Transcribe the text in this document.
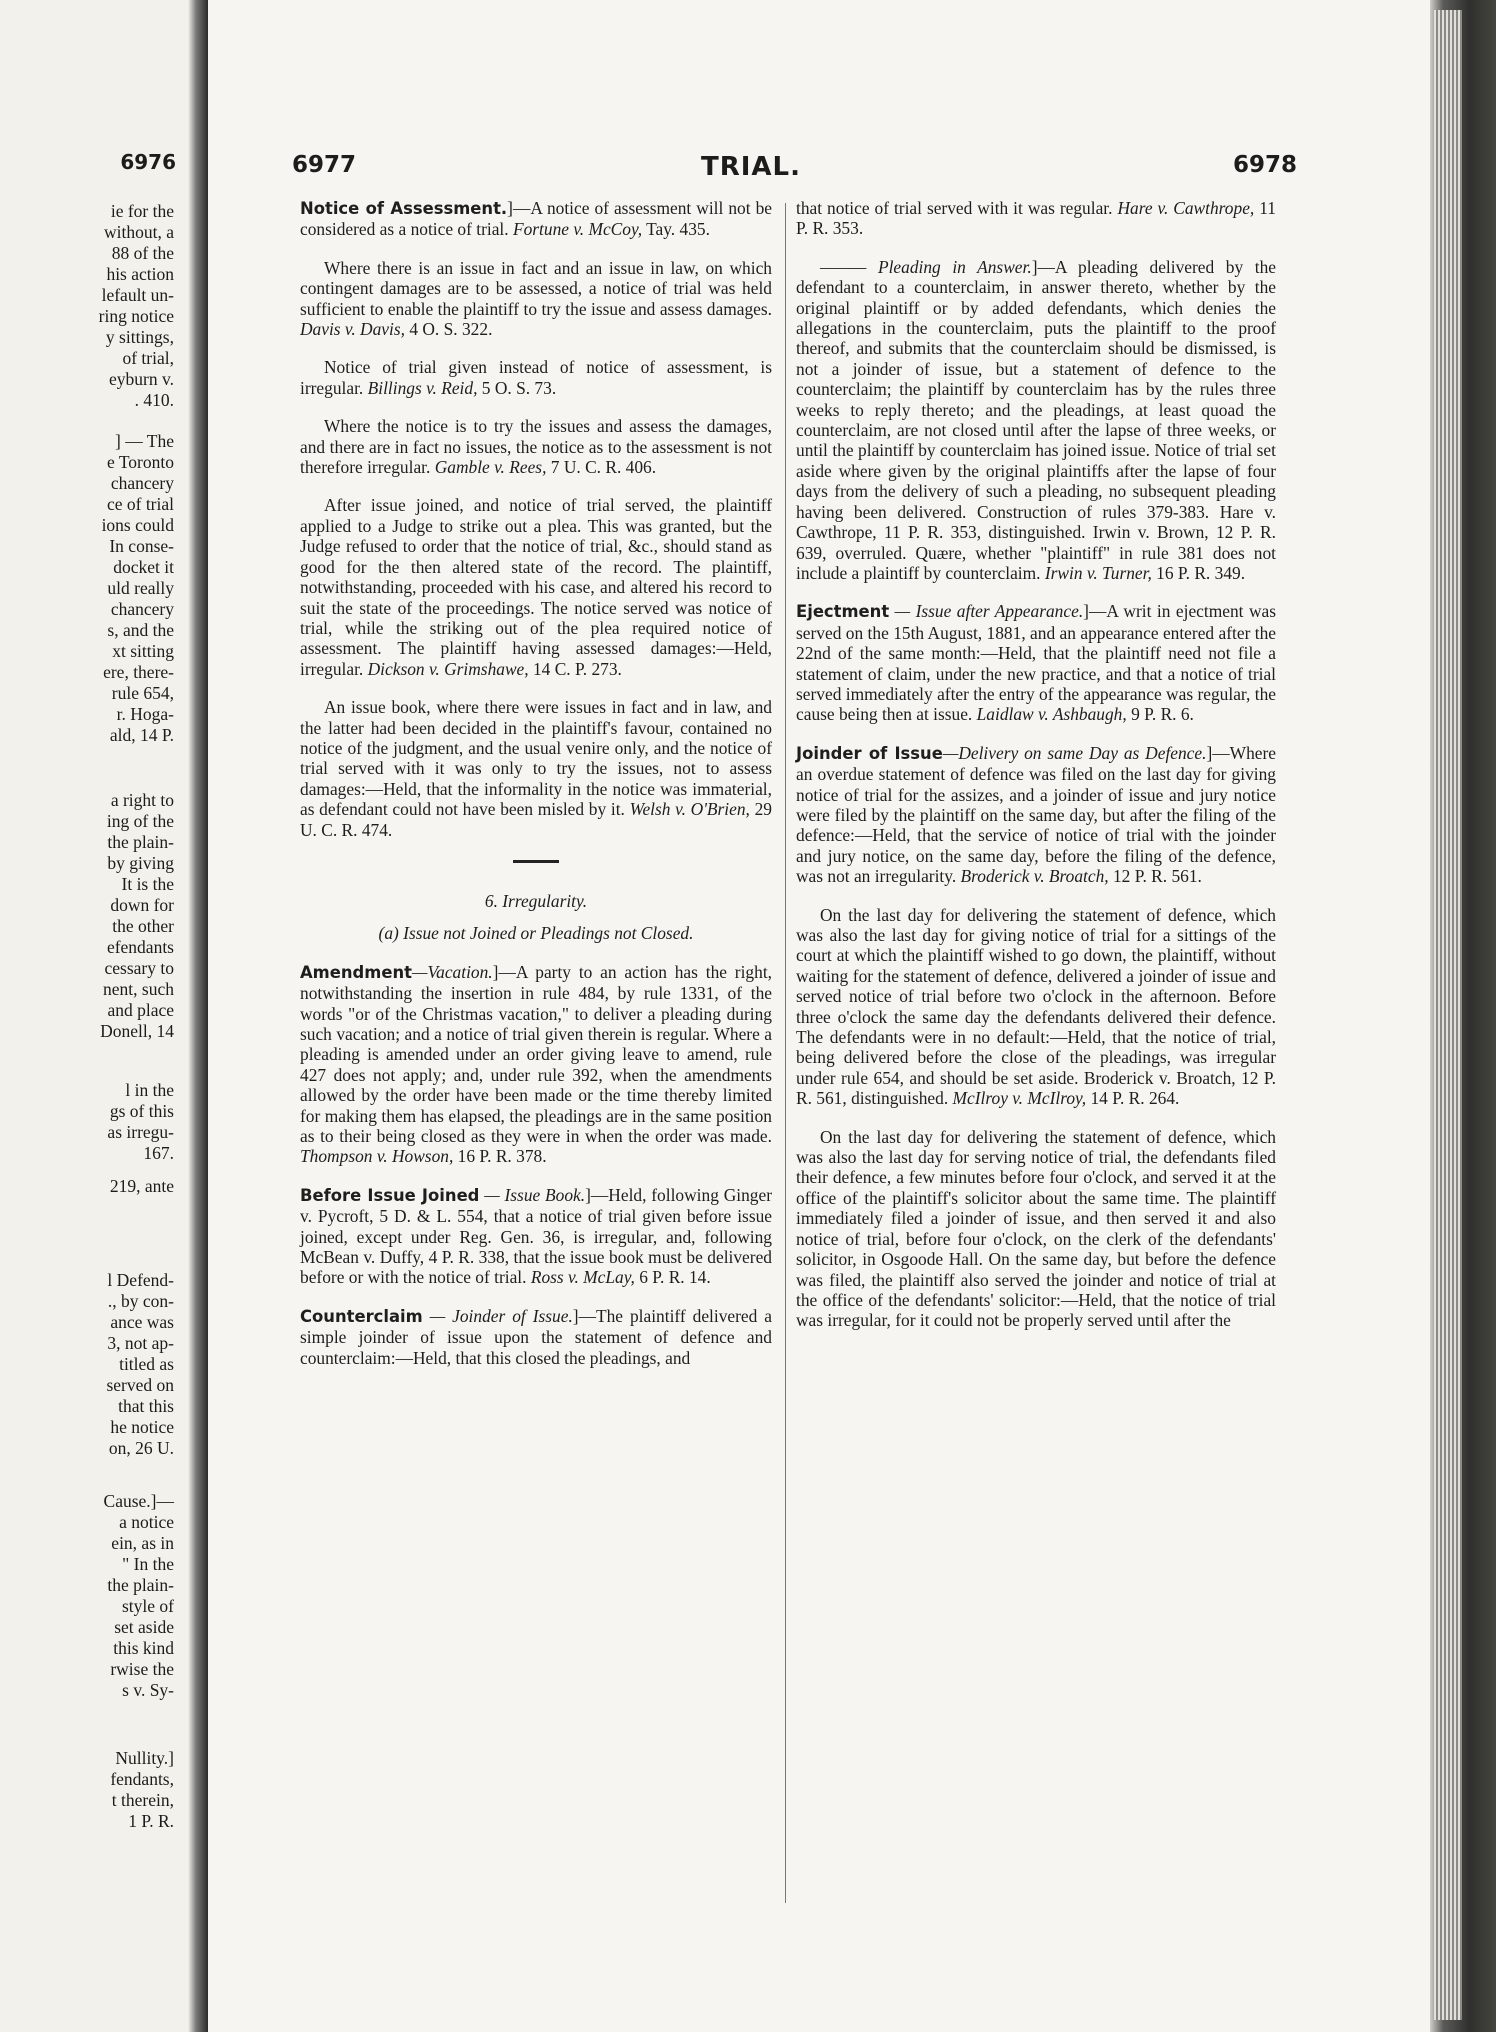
6976
ie for the
without, a
88 of the
his action
lefault un-
ring notice
y sittings,
of trial,
eyburn v.
. 410.
] — The
e Toronto
chancery
ce of trial
ions could
In conse-
docket it
uld really
chancery
s, and the
xt sitting
ere, there-
rule 654,
r. Hoga-
ald, 14 P.
a right to
ing of the
the plain-
by giving
It is the
down for
the other
efendants
cessary to
nent, such
and place
Donell, 14
l in the
gs of this
as irregu-
167.
219, ante
l Defend-
., by con-
ance was
3, not ap-
titled as
served on
that this
he notice
on, 26 U.
Cause.]—
a notice
ein, as in
" In the
the plain-
style of
set aside
this kind
rwise the
s v. Sy-
Nullity.]
fendants,
t therein,
1 P. R.
6977	TRIAL.	6978

Notice of Assessment.]—A notice of assessment will not be considered as a notice of trial. Fortune v. McCoy, Tay. 435.

Where there is an issue in fact and an issue in law, on which contingent damages are to be assessed, a notice of trial was held sufficient to enable the plaintiff to try the issue and assess damages. Davis v. Davis, 4 O. S. 322.

Notice of trial given instead of notice of assessment, is irregular. Billings v. Reid, 5 O. S. 73.

Where the notice is to try the issues and assess the damages, and there are in fact no issues, the notice as to the assessment is not therefore irregular. Gamble v. Rees, 7 U. C. R. 406.

After issue joined, and notice of trial served, the plaintiff applied to a Judge to strike out a plea. This was granted, but the Judge refused to order that the notice of trial, &c., should stand as good for the then altered state of the record. The plaintiff, notwithstanding, proceeded with his case, and altered his record to suit the state of the proceedings. The notice served was notice of trial, while the striking out of the plea required notice of assessment. The plaintiff having assessed damages:—Held, irregular. Dickson v. Grimshawe, 14 C. P. 273.

An issue book, where there were issues in fact and in law, and the latter had been decided in the plaintiff's favour, contained no notice of the judgment, and the usual venire only, and the notice of trial served with it was only to try the issues, not to assess damages:—Held, that the informality in the notice was immaterial, as defendant could not have been misled by it. Welsh v. O'Brien, 29 U. C. R. 474.

6. Irregularity.

(a) Issue not Joined or Pleadings not Closed.

Amendment—Vacation.]—A party to an action has the right, notwithstanding the insertion in rule 484, by rule 1331, of the words "or of the Christmas vacation," to deliver a pleading during such vacation; and a notice of trial given therein is regular. Where a pleading is amended under an order giving leave to amend, rule 427 does not apply; and, under rule 392, when the amendments allowed by the order have been made or the time thereby limited for making them has elapsed, the pleadings are in the same position as to their being closed as they were in when the order was made. Thompson v. Howson, 16 P. R. 378.

Before Issue Joined — Issue Book.]—Held, following Ginger v. Pycroft, 5 D. & L. 554, that a notice of trial given before issue joined, except under Reg. Gen. 36, is irregular, and, following McBean v. Duffy, 4 P. R. 338, that the issue book must be delivered before or with the notice of trial. Ross v. McLay, 6 P. R. 14.

Counterclaim — Joinder of Issue.]—The plaintiff delivered a simple joinder of issue upon the statement of defence and counterclaim:—Held, that this closed the pleadings, and

that notice of trial served with it was regular. Hare v. Cawthrope, 11 P. R. 353.

——— Pleading in Answer.]—A pleading delivered by the defendant to a counterclaim, in answer thereto, whether by the original plaintiff or by added defendants, which denies the allegations in the counterclaim, puts the plaintiff to the proof thereof, and submits that the counterclaim should be dismissed, is not a joinder of issue, but a statement of defence to the counterclaim; the plaintiff by counterclaim has by the rules three weeks to reply thereto; and the pleadings, at least quoad the counterclaim, are not closed until after the lapse of three weeks, or until the plaintiff by counterclaim has joined issue. Notice of trial set aside where given by the original plaintiffs after the lapse of four days from the delivery of such a pleading, no subsequent pleading having been delivered. Construction of rules 379-383. Hare v. Cawthrope, 11 P. R. 353, distinguished. Irwin v. Brown, 12 P. R. 639, overruled. Quære, whether "plaintiff" in rule 381 does not include a plaintiff by counterclaim. Irwin v. Turner, 16 P. R. 349.

Ejectment — Issue after Appearance.]—A writ in ejectment was served on the 15th August, 1881, and an appearance entered after the 22nd of the same month:—Held, that the plaintiff need not file a statement of claim, under the new practice, and that a notice of trial served immediately after the entry of the appearance was regular, the cause being then at issue. Laidlaw v. Ashbaugh, 9 P. R. 6.

Joinder of Issue—Delivery on same Day as Defence.]—Where an overdue statement of defence was filed on the last day for giving notice of trial for the assizes, and a joinder of issue and jury notice were filed by the plaintiff on the same day, but after the filing of the defence:—Held, that the service of notice of trial with the joinder and jury notice, on the same day, before the filing of the defence, was not an irregularity. Broderick v. Broatch, 12 P. R. 561.

On the last day for delivering the statement of defence, which was also the last day for giving notice of trial for a sittings of the court at which the plaintiff wished to go down, the plaintiff, without waiting for the statement of defence, delivered a joinder of issue and served notice of trial before two o'clock in the afternoon. Before three o'clock the same day the defendants delivered their defence. The defendants were in no default:—Held, that the notice of trial, being delivered before the close of the pleadings, was irregular under rule 654, and should be set aside. Broderick v. Broatch, 12 P. R. 561, distinguished. McIlroy v. McIlroy, 14 P. R. 264.

On the last day for delivering the statement of defence, which was also the last day for serving notice of trial, the defendants filed their defence, a few minutes before four o'clock, and served it at the office of the plaintiff's solicitor about the same time. The plaintiff immediately filed a joinder of issue, and then served it and also notice of trial, before four o'clock, on the clerk of the defendants' solicitor, in Osgoode Hall. On the same day, but before the defence was filed, the plaintiff also served the joinder and notice of trial at the office of the defendants' solicitor:—Held, that the notice of trial was irregular, for it could not be properly served until after the
